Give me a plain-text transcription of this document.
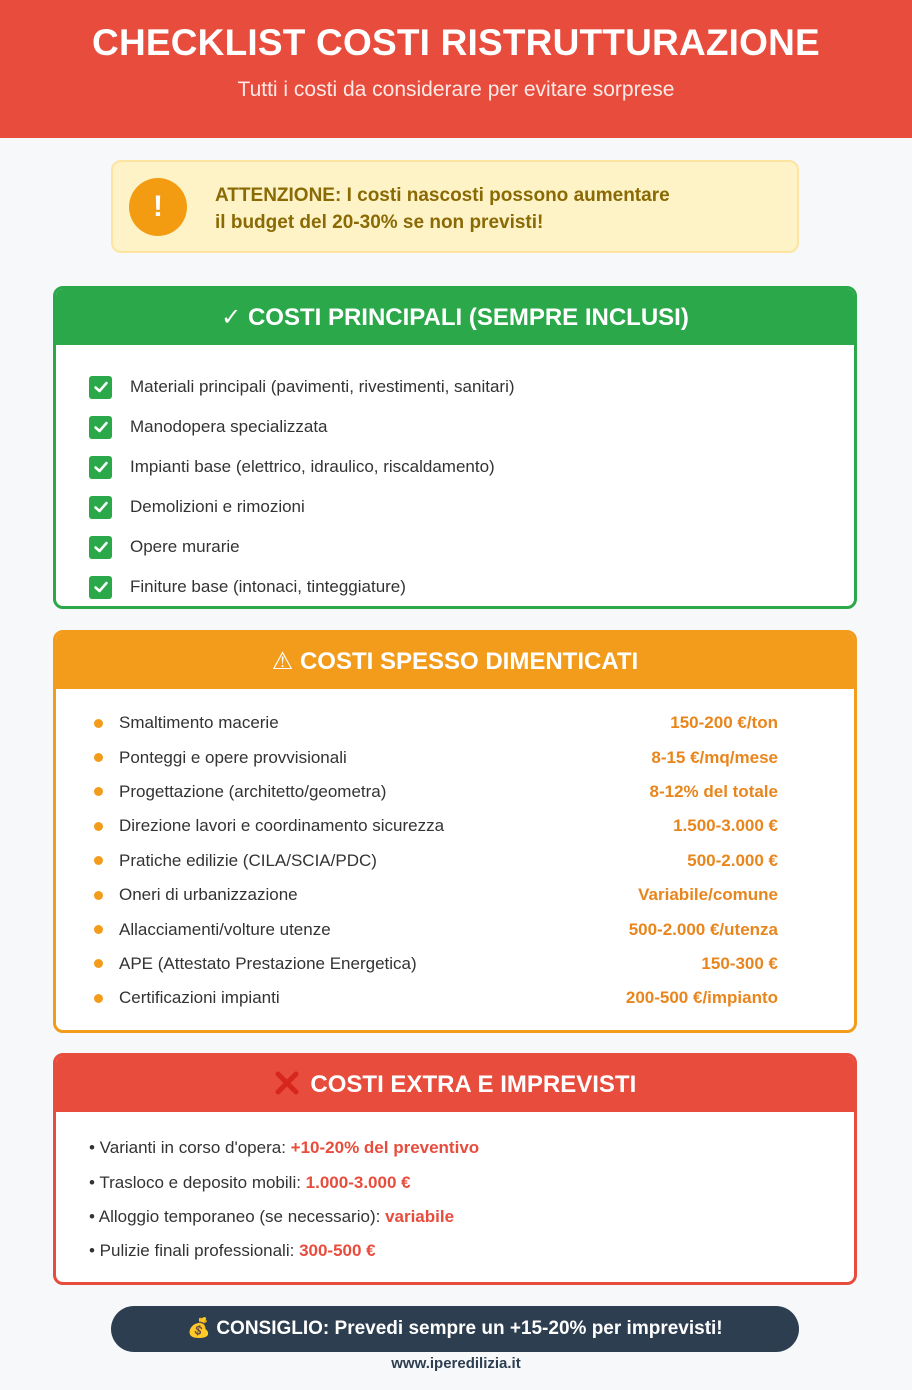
CHECKLIST COSTI RISTRUTTURAZIONE
Tutti i costi da considerare per evitare sorprese
!	ATTENZIONE: I costi nascosti possono aumentare
il budget del 20-30% se non previsti!
✓ COSTI PRINCIPALI (SEMPRE INCLUSI)
Materiali principali (pavimenti, rivestimenti, sanitari)
Manodopera specializzata
Impianti base (elettrico, idraulico, riscaldamento)
Demolizioni e rimozioni
Opere murarie
Finiture base (intonaci, tinteggiature)
⚠ COSTI SPESSO DIMENTICATI
Smaltimento macerie	150-200 €/ton
Ponteggi e opere provvisionali	8-15 €/mq/mese
Progettazione (architetto/geometra)	8-12% del totale
Direzione lavori e coordinamento sicurezza	1.500-3.000 €
Pratiche edilizie (CILA/SCIA/PDC)	500-2.000 €
Oneri di urbanizzazione	Variabile/comune
Allacciamenti/volture utenze	500-2.000 €/utenza
APE (Attestato Prestazione Energetica)	150-300 €
Certificazioni impianti	200-500 €/impianto
COSTI EXTRA E IMPREVISTI
• Varianti in corso d'opera: +10-20% del preventivo
• Trasloco e deposito mobili: 1.000-3.000 €
• Alloggio temporaneo (se necessario): variabile
• Pulizie finali professionali: 300-500 €
💰 CONSIGLIO: Prevedi sempre un +15-20% per imprevisti!
www.iperedilizia.it
